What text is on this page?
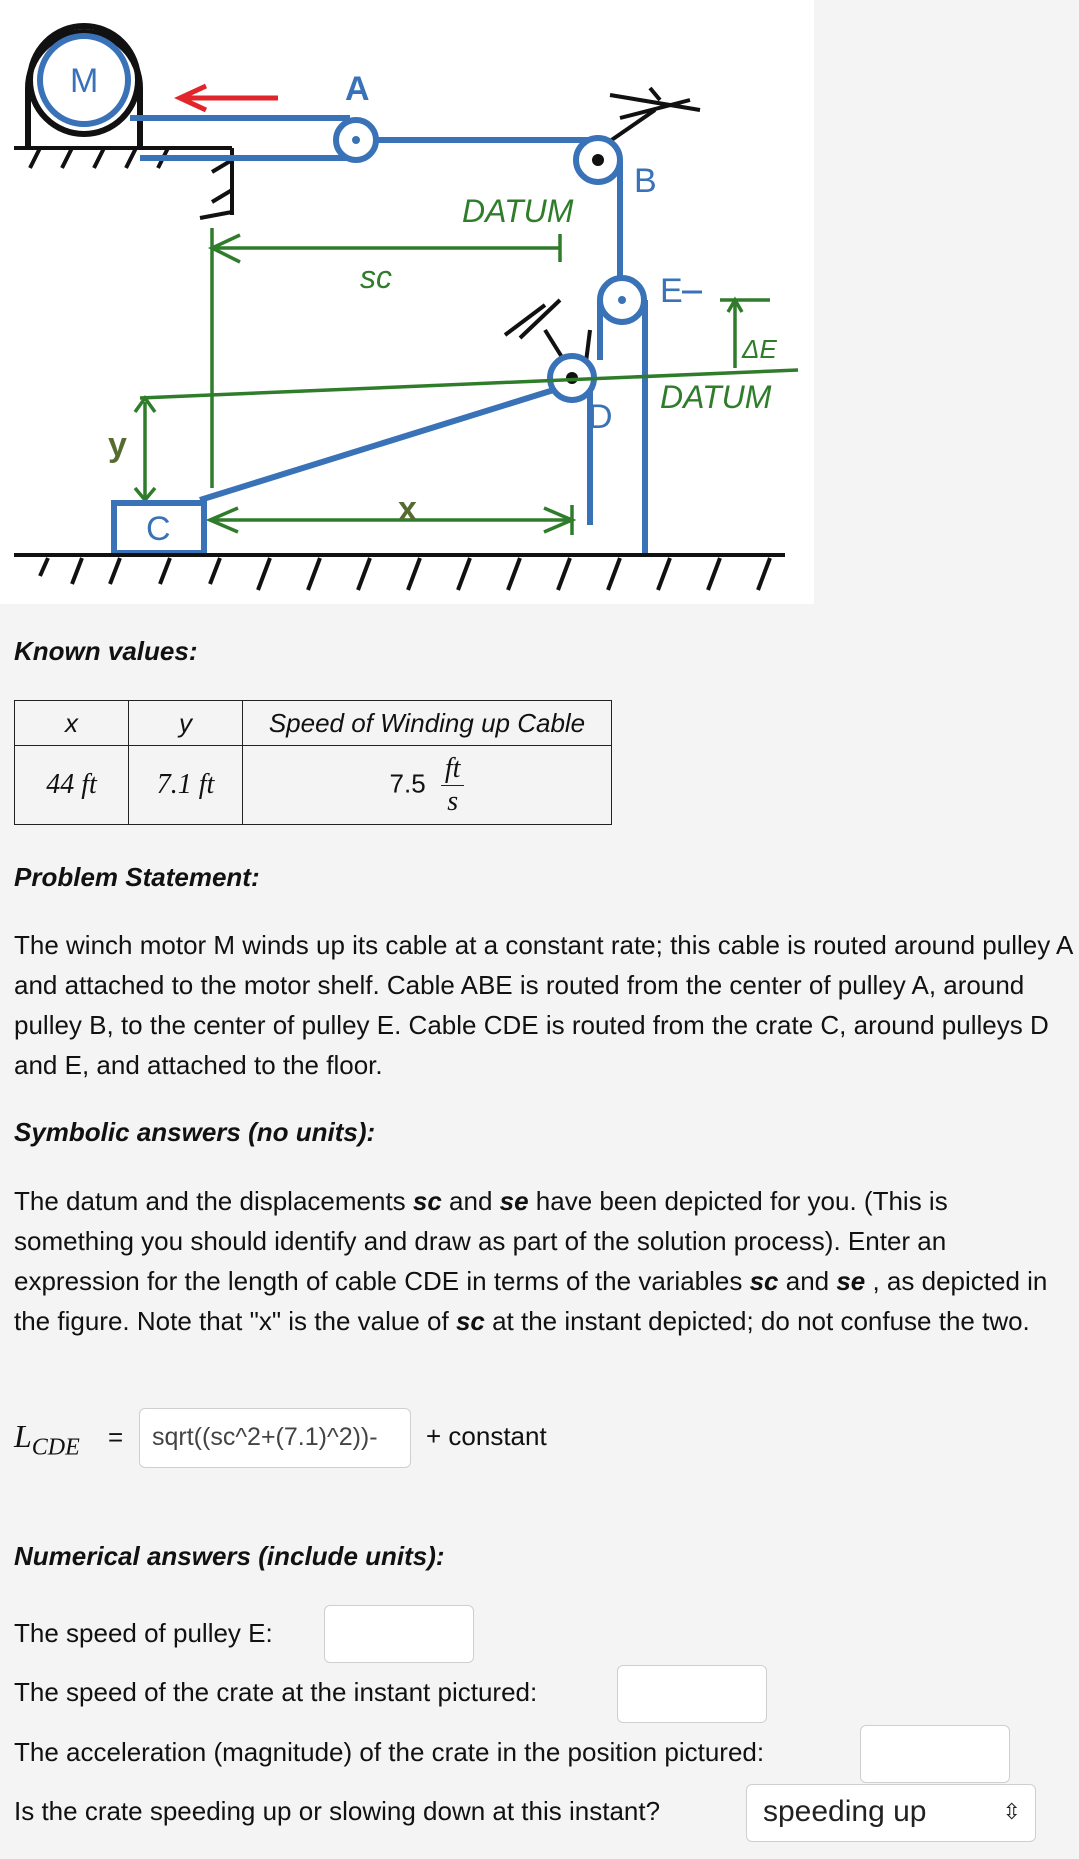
M	A
B
E
D
DATUM
DATUM
sc
ΔE
x
y
C
Known values:
x	y	Speed of Winding up Cable
44 ft	7.1 ft	$7.5 \frac{ft}{s}$
Problem Statement:
The winch motor M winds up its cable at a constant rate; this cable is routed around pulley A and attached to the motor shelf. Cable ABE is routed from the center of pulley A, around pulley B, to the center of pulley E. Cable CDE is routed from the crate C, around pulleys D and E, and attached to the floor.
Symbolic answers (no units):
The datum and the displacements sc and se have been depicted for you. (This is something you should identify and draw as part of the solution process). Enter an expression for the length of cable CDE in terms of the variables sc and se , as depicted in the figure. Note that "x" is the value of sc at the instant depicted; do not confuse the two.
$L_{CDE}$ =	sqrt((sc^2+(7.1)^2))-	+ constant
Numerical answers (include units):
The speed of pulley E:
The speed of the crate at the instant pictured:
The acceleration (magnitude) of the crate in the position pictured:
Is the crate speeding up or slowing down at this instant?	speeding up	⇳
